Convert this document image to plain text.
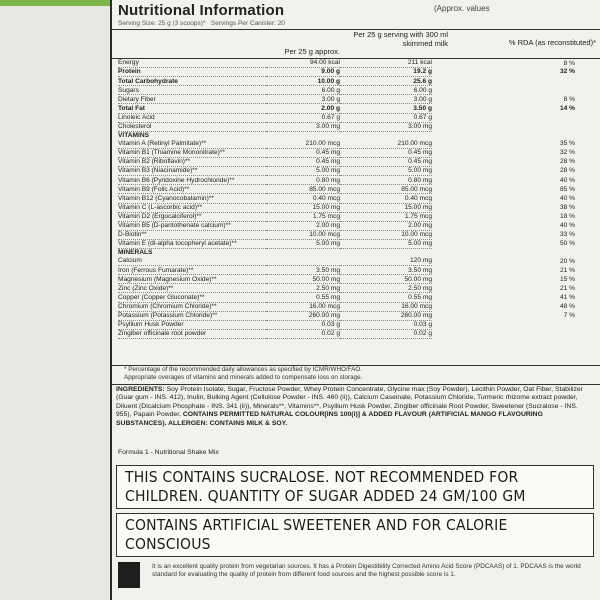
Nutritional Information	(Approx. values
Serving Size: 25 g (3 scoops)* Servings Per Canister: 20
Per 25 g serving with 300 ml skimmed milk
Per 25 g approx.
% RDA (as reconstituted)*
Energy	94.00 kcal	211 kcal	8 %
Protein	9.00 g	19.2 g	32 %
Total Carbohydrate	10.00 g	25.6 g	
Sugars	6.00 g	6.00 g	
Dietary Fiber	3.00 g	3.00 g	8 %
Total Fat	2.00 g	3.50 g	14 %
Linoleic Acid	0.67 g	0.67 g	
Cholesterol	3.00 mg	3.00 mg	
VITAMINS			
Vitamin A (Retinyl Palmitate)**	210.00 mcg	210.00 mcg	35 %
Vitamin B1 (Thiamine Mononitrate)**	0.45 mg	0.45 mg	32 %
Vitamin B2 (Riboflavin)**	0.45 mg	0.45 mg	28 %
Vitamin B3 (Niacinamide)**	5.00 mg	5.00 mg	28 %
Vitamin B6 (Pyridoxine Hydrochloride)**	0.80 mg	0.80 mg	40 %
Vitamin B9 (Folic Acid)**	85.00 mcg	85.00 mcg	85 %
Vitamin B12 (Cyanocobalamin)**	0.40 mcg	0.40 mcg	40 %
Vitamin C (L-ascorbic acid)**	15.00 mg	15.00 mg	38 %
Vitamin D2 (Ergocalciferol)**	1.75 mcg	1.75 mcg	18 %
Vitamin B5 (D-pantothenate calcium)**	2.00 mg	2.00 mg	40 %
D-Biotin**	10.00 mcg	10.00 mcg	33 %
Vitamin E (dl-alpha tocopheryl acetate)**	5.00 mg	5.00 mg	50 %
MINERALS			
Calcium		120 mg	20 %
Iron (Ferrous Fumarate)**	3.50 mg	3.50 mg	21 %
Magnesium (Magnesium Oxide)**	50.00 mg	50.00 mg	15 %
Zinc (Zinc Oxide)**	2.50 mg	2.50 mg	21 %
Copper (Copper Gluconate)**	0.55 mg	0.55 mg	41 %
Chromium (Chromium Chloride)**	16.00 mcg	16.00 mcg	48 %
Potassium (Potassium Chloride)**	260.00 mg	260.00 mg	7 %
Psyllium Husk Powder	0.03 g	0.03 g	
Zingiber officinale root powder	0.02 g	0.02 g	
* Percentage of the recommended daily allowances as specified by ICMR/WHO/FAO.
Appropriate overages of vitamins and minerals added to compensate loss on storage.
INGREDIENTS: Soy Protein Isolate, Sugar, Fructose Powder, Whey Protein Concentrate, Glycine max (Soy Powder), Lecithin Powder, Oat Fiber, Stabilizer (Guar gum - INS. 412), Inulin, Bulking Agent (Cellulose Powder - INS. 460 (ii)), Calcium Caseinate, Potassium Chloride, Turmeric rhizome extract powder, Diluent (Dicalcium Phosphate - INS. 341 (ii)), Minerals**, Vitamins**, Psyllium Husk Powder, Zingiber officinale Root Powder, Sweetener (Sucralose - INS. 955), Papain Powder. CONTAINS PERMITTED NATURAL COLOUR[INS 100(i)] & ADDED FLAVOUR (ARTIFICIAL MANGO FLAVOURING SUBSTANCES). ALLERGEN: CONTAINS MILK & SOY.
Formula 1 - Nutritional Shake Mix
THIS CONTAINS SUCRALOSE. NOT RECOMMENDED FOR CHILDREN. QUANTITY OF SUGAR ADDED 24 GM/100 GM
CONTAINS ARTIFICIAL SWEETENER AND FOR CALORIE CONSCIOUS
It is an excellent quality protein from vegetarian sources. It has a Protein Digestibility Corrected Amino Acid Score (PDCAAS) of 1. PDCAAS is the world standard for evaluating the quality of protein from different food sources and the highest possible score is 1.
